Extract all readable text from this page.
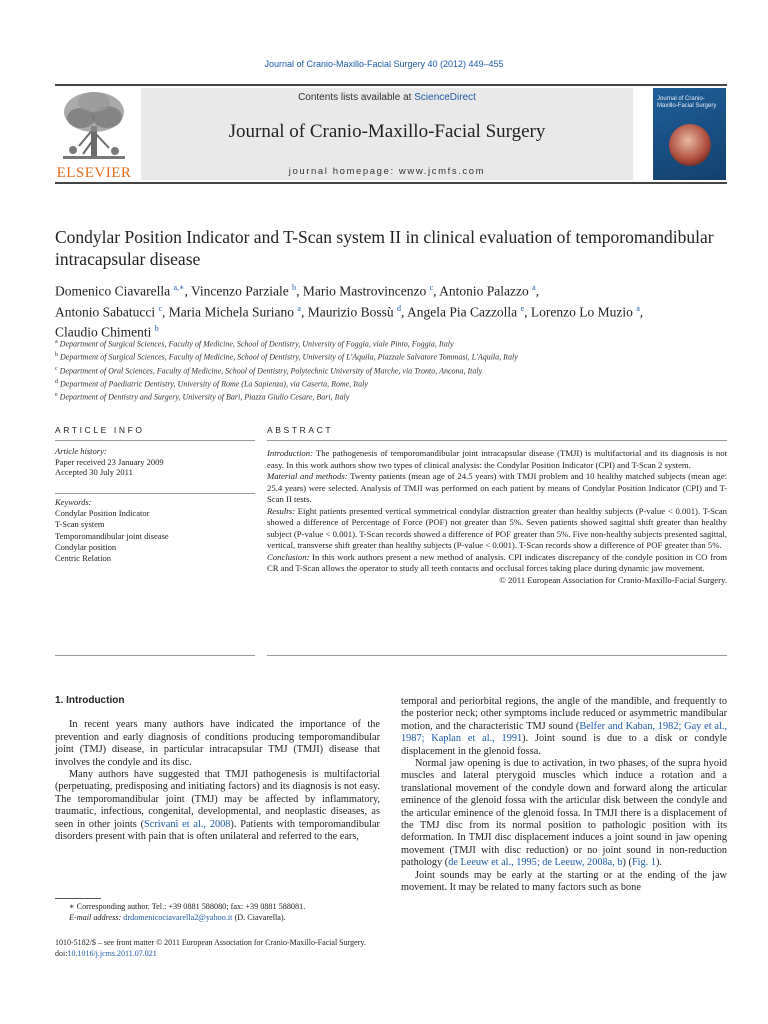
Journal of Cranio-Maxillo-Facial Surgery 40 (2012) 449–455
ELSEVIER
Contents lists available at ScienceDirect
Journal of Cranio-Maxillo-Facial Surgery
journal homepage: www.jcmfs.com
Journal of Cranio-Maxillo-Facial Surgery
Condylar Position Indicator and T-Scan system II in clinical evaluation of temporomandibular intracapsular disease
Domenico Ciavarella $^{a,∗}$, Vincenzo Parziale $^b$, Mario Mastrovincenzo $^c$, Antonio Palazzo $^a$,
Antonio Sabatucci $^c$, Maria Michela Suriano $^a$, Maurizio Bossù $^d$, Angela Pia Cazzolla $^e$, Lorenzo Lo Muzio $^a$,
Claudio Chimenti $^b$
$^a$ Department of Surgical Sciences, Faculty of Medicine, School of Dentistry, University of Foggia, viale Pinto, Foggia, Italy
$^b$ Department of Surgical Sciences, Faculty of Medicine, School of Dentistry, University of L'Aquila, Piazzale Salvatore Tommasi, L'Aquila, Italy
$^c$ Department of Oral Sciences, Faculty of Medicine, School of Dentistry, Polytechnic University of Marche, via Tronto, Ancona, Italy
$^d$ Department of Paediatric Dentistry, University of Rome (La Sapienza), via Caserta, Rome, Italy
$^e$ Department of Dentistry and Surgery, University of Bari, Piazza Giulio Cesare, Bari, Italy
ARTICLE INFO
Article history:
Paper received 23 January 2009
Accepted 30 July 2011
Keywords:
Condylar Position Indicator
T-Scan system
Temporomandibular joint disease
Condylar position
Centric Relation
ABSTRACT

Introduction: The pathogenesis of temporomandibular joint intracapsular disease (TMJI) is multifactorial and its diagnosis is not easy. In this work authors show two types of clinical analysis: the Condylar Position Indicator (CPI) and T-Scan 2 system.

Material and methods: Twenty patients (mean age of 24.5 years) with TMJI problem and 10 healthy matched subjects (mean age: 25.4 years) were selected. Analysis of TMJI was performed on each patient by means of Condylar Position Indicator (CPI) and T-Scan II tests.

Results: Eight patients presented vertical symmetrical condylar distraction greater than healthy subjects (P-value < 0.001). T-Scan showed a difference of Percentage of Force (POF) not greater than 5%. Seven patients showed sagittal shift greater than healthy subject (P-value < 0.001). T-Scan records showed a difference of POF greater than 5%. Five non-healthy subjects presented sagittal, vertical, transverse shift greater than healthy subjects (P-value < 0.001). T-Scan records show a difference of POF greater than 5%.

Conclusion: In this work authors present a new method of analysis. CPI indicates discrepancy of the condyle position in CO from CR and T-Scan allows the operator to study all teeth contacts and occlusal forces taking place during dynamic jaw movement.

© 2011 European Association for Cranio-Maxillo-Facial Surgery.

1. Introduction

In recent years many authors have indicated the importance of the prevention and early diagnosis of conditions producing temporomandibular joint (TMJ) disease, in particular intracapsular TMJ (TMJI) disease that involves the condyle and its disc.

Many authors have suggested that TMJI pathogenesis is multifactorial (perpetuating, predisposing and initiating factors) and its diagnosis is not easy. The temporomandibular joint (TMJ) may be affected by inflammatory, traumatic, infectious, congenital, developmental, and neoplastic diseases, as seen in other joints (Scrivani et al., 2008). Patients with temporomandibular disorders present with pain that is often unilateral and referred to the ears,

temporal and periorbital regions, the angle of the mandible, and frequently to the posterior neck; other symptoms include reduced or asymmetric mandibular motion, and the characteristic TMJ sound (Belfer and Kaban, 1982; Gay et al., 1987; Kaplan et al., 1991). Joint sound is due to a disk or condyle displacement in the glenoid fossa.

Normal jaw opening is due to activation, in two phases, of the supra hyoid muscles and lateral pterygoid muscles which induce a rotation and a translational movement of the condyle down and forward along the articular eminence of the glenoid fossa with the articular disk between the condyle and the articular eminence of the glenoid fossa. In TMJI there is a displacement of the TMJ disc from its normal position to pathologic position with its deformation. In TMJI disc displacement induces a joint sound in jaw opening movement (TMJI with disc reduction) or no joint sound in non-reduction pathology (de Leeuw et al., 1995; de Leeuw, 2008a, b) (Fig. 1).

Joint sounds may be early at the starting or at the ending of the jaw movement. It may be related to many factors such as bone

∗ Corresponding author. Tel.: +39 0881 588080; fax: +39 0881 588081.
E-mail address: drdomenicociavarella2@yahoo.it (D. Ciavarella).
1010-5182/$ – see front matter © 2011 European Association for Cranio-Maxillo-Facial Surgery.
doi:10.1016/j.jcms.2011.07.021
